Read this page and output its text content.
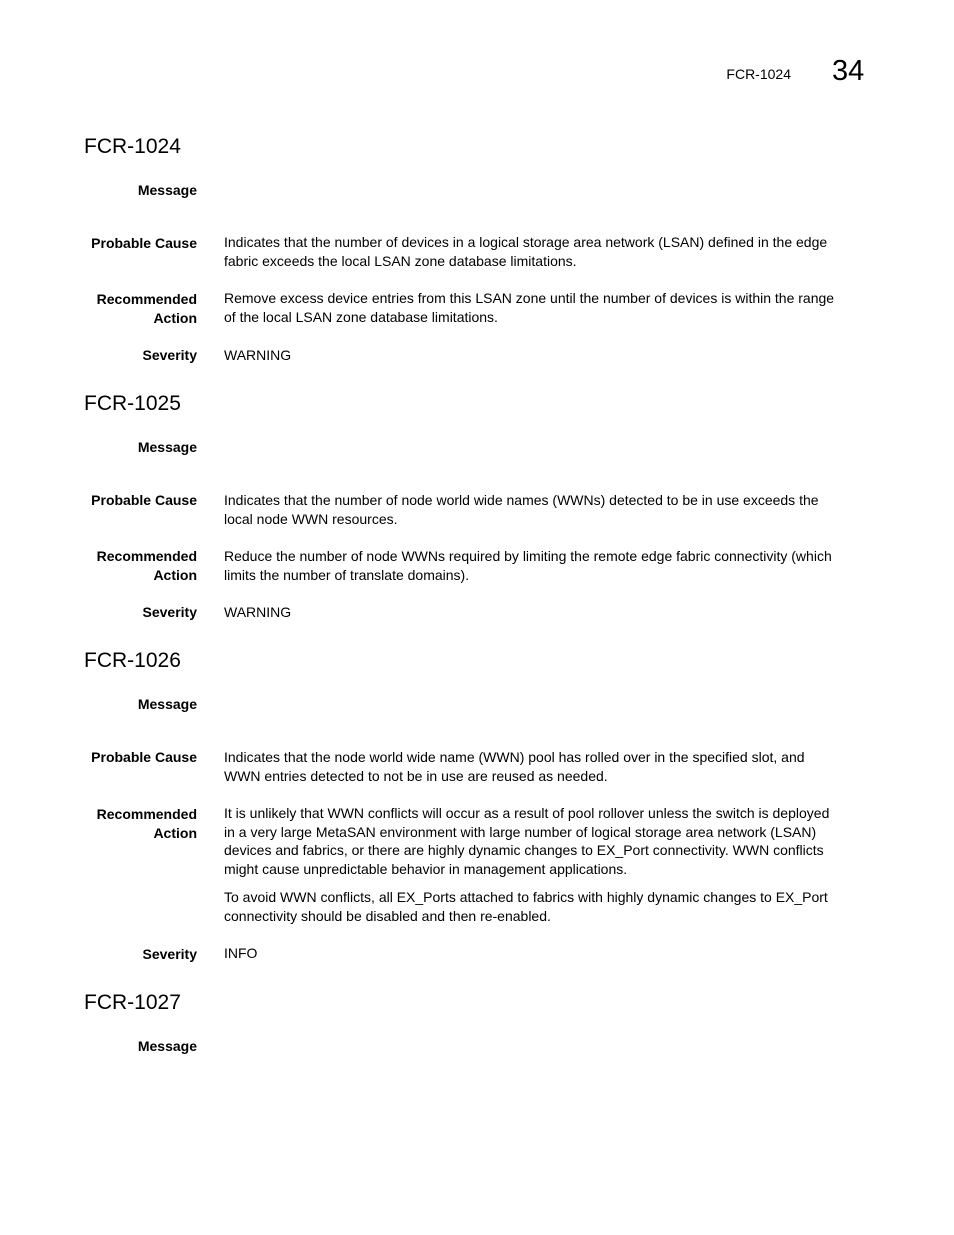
FCR-1024 34
FCR-1024
Message
Probable Cause Indicates that the number of devices in a logical storage area network (LSAN) defined in the edge
fabric exceeds the local LSAN zone database limitations.
Recommended
Action
Remove excess device entries from this LSAN zone until the number of devices is within the range
of the local LSAN zone database limitations.
Severity WARNING
FCR-1025
Message
Probable Cause Indicates that the number of node world wide names (WWNs) detected to be in use exceeds the
local node WWN resources.
Recommended
Action
Reduce the number of node WWNs required by limiting the remote edge fabric connectivity (which
limits the number of translate domains).
Severity WARNING
FCR-1026
Message
Probable Cause Indicates that the node world wide name (WWN) pool has rolled over in the specified slot, and
WWN entries detected to not be in use are reused as needed.
Recommended
Action
It is unlikely that WWN conflicts will occur as a result of pool rollover unless the switch is deployed
in a very large MetaSAN environment with large number of logical storage area network (LSAN)
devices and fabrics, or there are highly dynamic changes to EX_Port connectivity. WWN conflicts
might cause unpredictable behavior in management applications.
To avoid WWN conflicts, all EX_Ports attached to fabrics with highly dynamic changes to EX_Port
connectivity should be disabled and then re-enabled.
Severity INFO
FCR-1027
Message
